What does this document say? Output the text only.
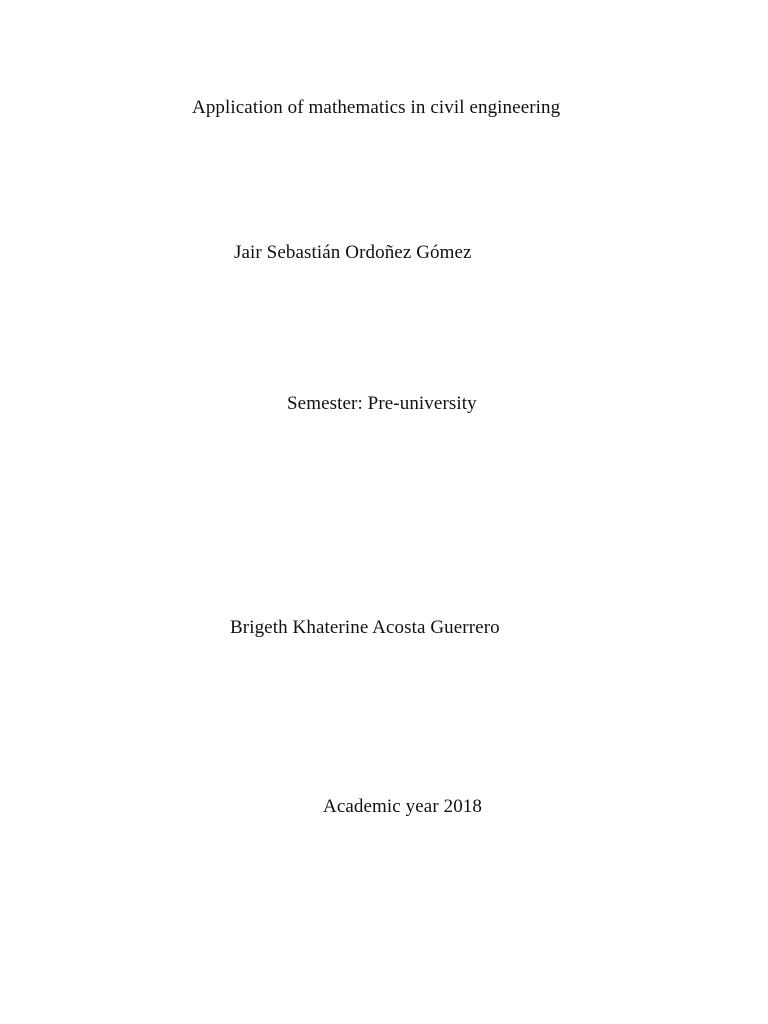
Application of mathematics in civil engineering
Jair Sebastián Ordoñez Gómez
Semester: Pre-university
Brigeth Khaterine Acosta Guerrero
Academic year 2018
